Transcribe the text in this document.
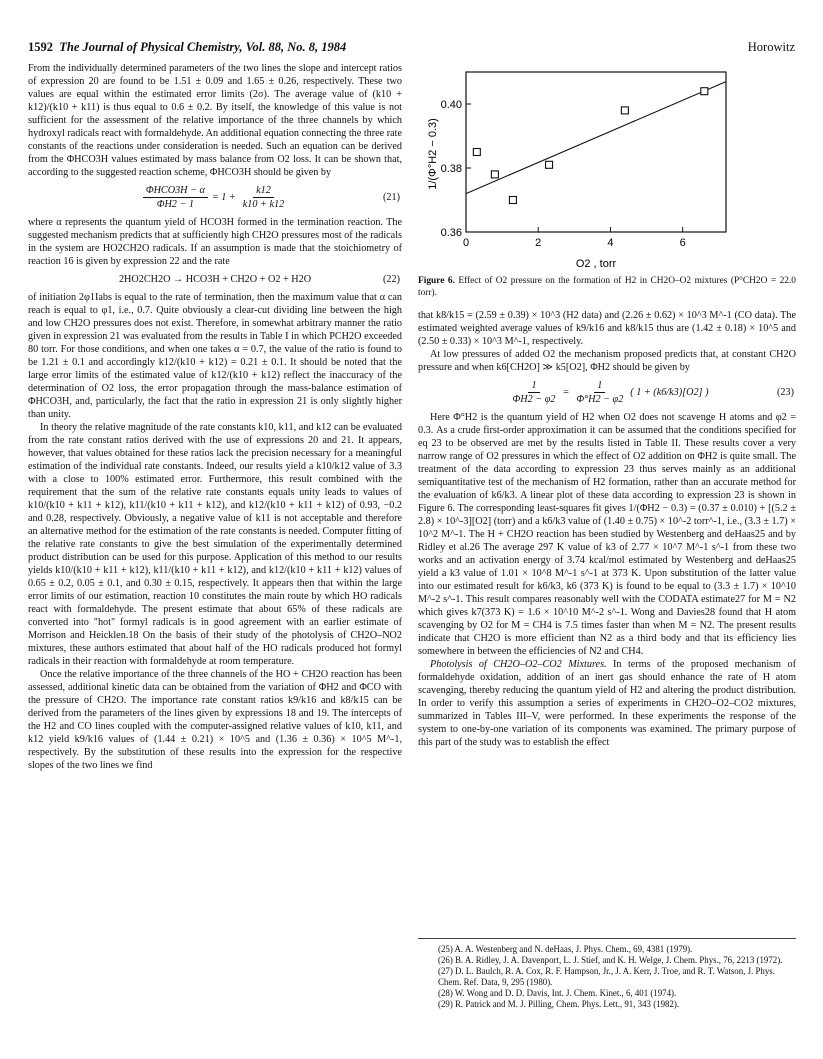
1592 The Journal of Physical Chemistry, Vol. 88, No. 8, 1984	Horowitz

From the individually determined parameters of the two lines the slope and intercept ratios of expression 20 are found to be 1.51 ± 0.09 and 1.65 ± 0.26, respectively. These two values are equal within the estimated error limits (2σ). The average value of (k10 + k12)/(k10 + k11) is thus equal to 0.6 ± 0.2. By itself, the knowledge of this value is not sufficient for the assessment of the relative importance of the three channels by which hydroxyl radicals react with formaldehyde. An additional equation connecting the three rate constants of the reactions under consideration is needed. Such an equation can be derived from the ΦHCO3H values estimated by mass balance from O2 loss. It can be shown that, according to the suggested reaction scheme, ΦHCO3H should be given by

$\frac{\text{ΦHCO3H − α}}{\Phi H2 - 1} = 1 + \frac{k12}{k10 + k12}$	(21)

where α represents the quantum yield of HCO3H formed in the termination reaction. The suggested mechanism predicts that at sufficiently high CH2O pressures most of the radicals in the system are HO2CH2O radicals. If an assumption is made that the stoichiometry of reaction 16 is given by expression 22 and the rate

2HO2CH2O → HCO3H + CH2O + O2 + H2O	(22)

of initiation 2φ1Iabs is equal to the rate of termination, then the maximum value that α can reach is equal to φ1, i.e., 0.7. Quite obviously a clear-cut dividing line between the high and low CH2O pressures does not exist. Therefore, in somewhat arbitrary manner the ratio given in expression 21 was evaluated from the results in Table I in which PCH2O exceeded 80 torr. For those conditions, and when one takes α = 0.7, the value of the ratio is found to be 1.21 ± 0.1 and accordingly k12/(k10 + k12) = 0.21 ± 0.1. It should be noted that the large error limits of the estimated value of k12/(k10 + k12) reflect the inaccuracy of the determination of O2 loss, the error propagation through the mass-balance estimation of ΦHCO3H, and, particularly, the fact that the ratio in expression 21 is only slightly higher than unity.

In theory the relative magnitude of the rate constants k10, k11, and k12 can be evaluated from the rate constant ratios derived with the use of expressions 20 and 21. It appears, however, that values obtained for these ratios lack the precision necessary for a meaningful estimation of the individual rate constants. Indeed, our results yield a k10/k12 value of 3.3 with a close to 100% estimated error. Furthermore, this result combined with the requirement that the sum of the relative rate constants equals unity leads to values of k10/(k10 + k11 + k12), k11/(k10 + k11 + k12), and k12/(k10 + k11 + k12) of 0.93, −0.2 and 0.28, respectively. Obviously, a negative value of k11 is not acceptable and therefore an alternative method for the estimation of the rate constants is needed. Computer fitting of the relative rate constants to give the best simulation of the experimentally determined product distribution can be used for this purpose. Application of this method to our results yields k10/(k10 + k11 + k12), k11/(k10 + k11 + k12), and k12/(k10 + k11 + k12) values of 0.65 ± 0.2, 0.05 ± 0.1, and 0.30 ± 0.15, respectively. It appears then that within the large error limits of our estimation, reaction 10 constitutes the main route by which HO radicals react with formaldehyde. The present estimate that about 65% of these radicals are converted into "hot" formyl radicals is in good agreement with an earlier estimate of Morrison and Heicklen.18 On the basis of their study of the photolysis of CH2O–NO2 mixtures, these authors estimated that about half of the HO radicals produced hot formyl radicals in their reaction with formaldehyde at room temperature.

Once the relative importance of the three channels of the HO + CH2O reaction has been assessed, additional kinetic data can be obtained from the variation of ΦH2 and ΦCO with the pressure of CH2O. The importance rate constant ratios k9/k16 and k8/k15 can be derived from the parameters of the lines given by expressions 18 and 19. The intercepts of the H2 and CO lines coupled with the computer-assigned relative values of k10, k11, and k12 yield k9/k16 values of (1.44 ± 0.21) × 10^5 and (1.36 ± 0.36) × 10^5 M^-1, respectively. By the substitution of these results into the expression for the respective slopes of the two lines we find

0.36
0.38
0.40
0	2	4	6
1/(Φ°H2 − 0.3)
O2 , torr
Figure 6. Effect of O2 pressure on the formation of H2 in CH2O–O2 mixtures (P°CH2O = 22.0 torr).

that k8/k15 = (2.59 ± 0.39) × 10^3 (H2 data) and (2.26 ± 0.62) × 10^3 M^-1 (CO data). The estimated weighted average values of k9/k16 and k8/k15 thus are (1.42 ± 0.18) × 10^5 and (2.50 ± 0.33) × 10^3 M^-1, respectively.

At low pressures of added O2 the mechanism proposed predicts that, at constant CH2O pressure and when k6[CH2O] ≫ k5[O2], ΦH2 should be given by

$\frac{1}{\Phi H2 - \varphi 2} = \frac{1}{\Phi^\circ H2 - \varphi 2}$ ( 1 + (k6/k3)[O2] )	(23)

Here Φ°H2 is the quantum yield of H2 when O2 does not scavenge H atoms and φ2 = 0.3. As a crude first-order approximation it can be assumed that the conditions specified for eq 23 to be observed are met by the results listed in Table II. These results cover a very narrow range of O2 pressures in which the effect of O2 addition on ΦH2 is quite small. The treatment of the data according to expression 23 thus serves mainly as an additional semiquantitative test of the mechanism of H2 formation, rather than an accurate method for the evaluation of k6/k3. A linear plot of these data according to expression 23 is shown in Figure 6. The corresponding least-squares fit gives 1/(ΦH2 − 0.3) = (0.37 ± 0.010) + [(5.2 ± 2.8) × 10^-3][O2] (torr) and a k6/k3 value of (1.40 ± 0.75) × 10^-2 torr^-1, i.e., (3.3 ± 1.7) × 10^2 M^-1. The H + CH2O reaction has been studied by Westenberg and deHaas25 and by Ridley et al.26 The average 297 K value of k3 of 2.77 × 10^7 M^-1 s^-1 from these two works and an activation energy of 3.74 kcal/mol estimated by Westenberg and deHaas25 yield a k3 value of 1.01 × 10^8 M^-1 s^-1 at 373 K. Upon substitution of the latter value into our estimated result for k6/k3, k6 (373 K) is found to be equal to (3.3 ± 1.7) × 10^10 M^-2 s^-1. This result compares reasonably well with the CODATA estimate27 for M = N2 which gives k7(373 K) = 1.6 × 10^10 M^-2 s^-1. Wong and Davies28 found that H atom scavenging by O2 for M = CH4 is 7.5 times faster than when M = N2. The present results indicate that CH2O is more efficient than N2 as a third body and that its efficiency lies somewhere in between the efficiencies of N2 and CH4.

Photolysis of CH2O–O2–CO2 Mixtures. In terms of the proposed mechanism of formaldehyde oxidation, addition of an inert gas should enhance the rate of H atom scavenging, thereby reducing the quantum yield of H2 and altering the product distribution. In order to verify this assumption a series of experiments in CH2O–O2–CO2 mixtures, summarized in Tables III–V, were performed. In these experiments the response of the system to one-by-one variation of its components was examined. The primary purpose of this part of the study was to establish the effect

(25) A. A. Westenberg and N. deHaas, J. Phys. Chem., 69, 4381 (1979).
(26) B. A. Ridley, J. A. Davenport, L. J. Stief, and K. H. Welge, J. Chem. Phys., 76, 2213 (1972).
(27) D. L. Baulch, R. A. Cox, R. F. Hampson, Jr., J. A. Kerr, J. Troe, and R. T. Watson, J. Phys. Chem. Ref. Data, 9, 295 (1980).
(28) W. Wong and D. D. Davis, Int. J. Chem. Kinet., 6, 401 (1974).
(29) R. Patrick and M. J. Pilling, Chem. Phys. Lett., 91, 343 (1982).
